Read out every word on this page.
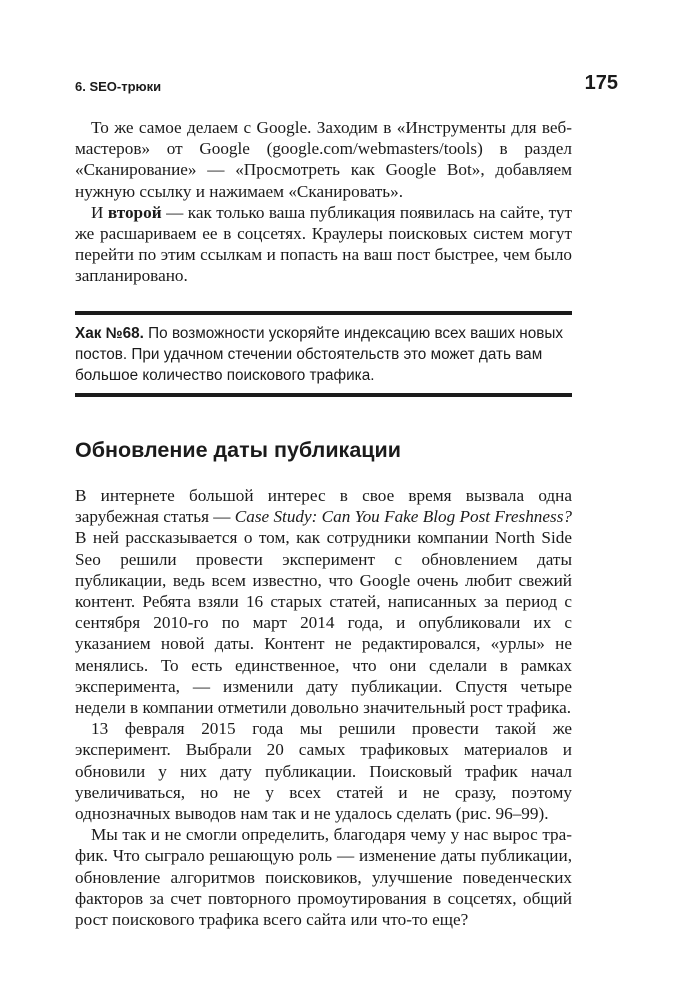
6. SEO-трюки	175

То же самое делаем с Google. Заходим в «Инструменты для вебмастеров» от Google (google.com/webmasters/tools) в раздел «Сканирование» — «Просмотреть как Google Bot», добавляем нужную ссылку и нажимаем «Сканировать».

И второй — как только ваша публикация появилась на сайте, тут же расшариваем ее в соцсетях. Краулеры поисковых систем могут перейти по этим ссылкам и попасть на ваш пост быстрее, чем было запланировано.

Хак №68. По возможности ускоряйте индексацию всех ваших новых постов. При удачном стечении обстоятельств это может дать вам большое количество поискового трафика.
Обновление даты публикации

В интернете большой интерес в свое время вызвала одна зарубежная статья — Case Study: Can You Fake Blog Post Freshness? В ней рассказывается о том, как сотрудники компании North Side Seo решили провести эксперимент с обновлением даты публикации, ведь всем известно, что Google очень любит свежий контент. Ребята взяли 16 старых статей, написанных за период с сентября 2010-го по март 2014 года, и опубликовали их с указанием новой даты. Контент не редактировался, «урлы» не менялись. То есть единственное, что они сделали в рамках эксперимента, — изменили дату публикации. Спустя четыре недели в компании отметили довольно значительный рост трафика.

13 февраля 2015 года мы решили провести такой же эксперимент. Выбрали 20 самых трафиковых материалов и обновили у них дату публикации. Поисковый трафик начал увеличиваться, но не у всех статей и не сразу, поэтому однозначных выводов нам так и не удалось сделать (рис. 96–99).

Мы так и не смогли определить, благодаря чему у нас вырос трафик. Что сыграло решающую роль — изменение даты публикации, обновление алгоритмов поисковиков, улучшение поведенческих факторов за счет повторного промоутирования в соцсетях, общий рост поискового трафика всего сайта или что-то еще?
